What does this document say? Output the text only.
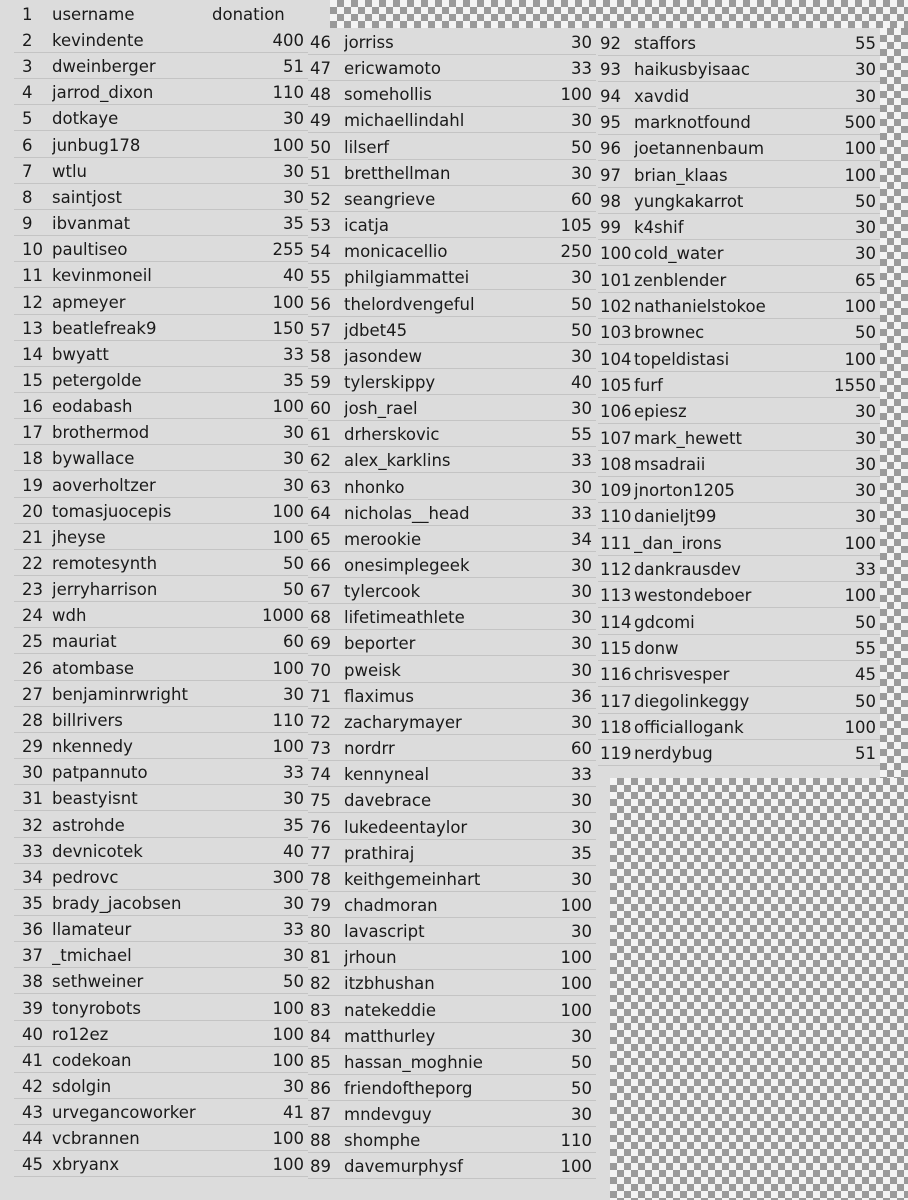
1	username	donation
2	kevindente	400
3	dweinberger	51
4	jarrod_dixon	110
5	dotkaye	30
6	junbug178	100
7	wtlu	30
8	saintjost	30
9	ibvanmat	35
10 paultiseo	255
11 kevinmoneil	40
12 apmeyer	100
13 beatlefreak9	150
14 bwyatt	33
15 petergolde	35
16 eodabash	100
17 brothermod	30
18 bywallace	30
19 aoverholtzer	30
20 tomasjuocepis	100
21 jheyse	100
22 remotesynth	50
23 jerryharrison	50
24 wdh	1000
25 mauriat	60
26 atombase	100
27 benjaminrwright	30
28 billrivers	110
29 nkennedy	100
30 patpannuto	33
31 beastyisnt	30
32 astrohde	35
33 devnicotek	40
34 pedrovc	300
35 brady_jacobsen	30
36 llamateur	33
37 _tmichael	30
38 sethweiner	50
39 tonyrobots	100
40 ro12ez	100
41 codekoan	100
42 sdolgin	30
43 urvegancoworker	41
44 vcbrannen	100
45 xbryanx	100
46 jorriss	30
47 ericwamoto	33
48 somehollis	100
49 michaellindahl	30
50 lilserf	50
51 bretthellman	30
52 seangrieve	60
53 icatja	105
54 monicacellio	250
55 philgiammattei	30
56 thelordvengeful	50
57 jdbet45	50
58 jasondew	30
59 tylerskippy	40
60 josh_rael	30
61 drherskovic	55
62 alex_karklins	33
63 nhonko	30
64 nicholas__head	33
65 merookie	34
66 onesimplegeek	30
67 tylercook	30
68 lifetimeathlete	30
69 beporter	30
70 pweisk	30
71 flaximus	36
72 zacharymayer	30
73 nordrr	60
74 kennyneal	33
75 davebrace	30
76 lukedeentaylor	30
77 prathiraj	35
78 keithgemeinhart	30
79 chadmoran	100
80 lavascript	30
81 jrhoun	100
82 itzbhushan	100
83 natekeddie	100
84 matthurley	30
85 hassan_moghnie	50
86 friendoftheporg	50
87 mndevguy	30
88 shomphe	110
89 davemurphysf	100
92 staffors	55
93 haikusbyisaac	30
94 xavdid	30
95 marknotfound	500
96 joetannenbaum	100
97 brian_klaas	100
98 yungkakarrot	50
99 k4shif	30
100 cold_water	30
101 zenblender	65
102 nathanielstokoe	100
103 brownec	50
104 topeldistasi	100
105 furf	1550
106 epiesz	30
107 mark_hewett	30
108 msadraii	30
109 jnorton1205	30
110 danieljt99	30
111 _dan_irons	100
112 dankrausdev	33
113 westondeboer	100
114 gdcomi	50
115 donw	55
116 chrisvesper	45
117 diegolinkeggy	50
118 officiallogank	100
119 nerdybug	51
